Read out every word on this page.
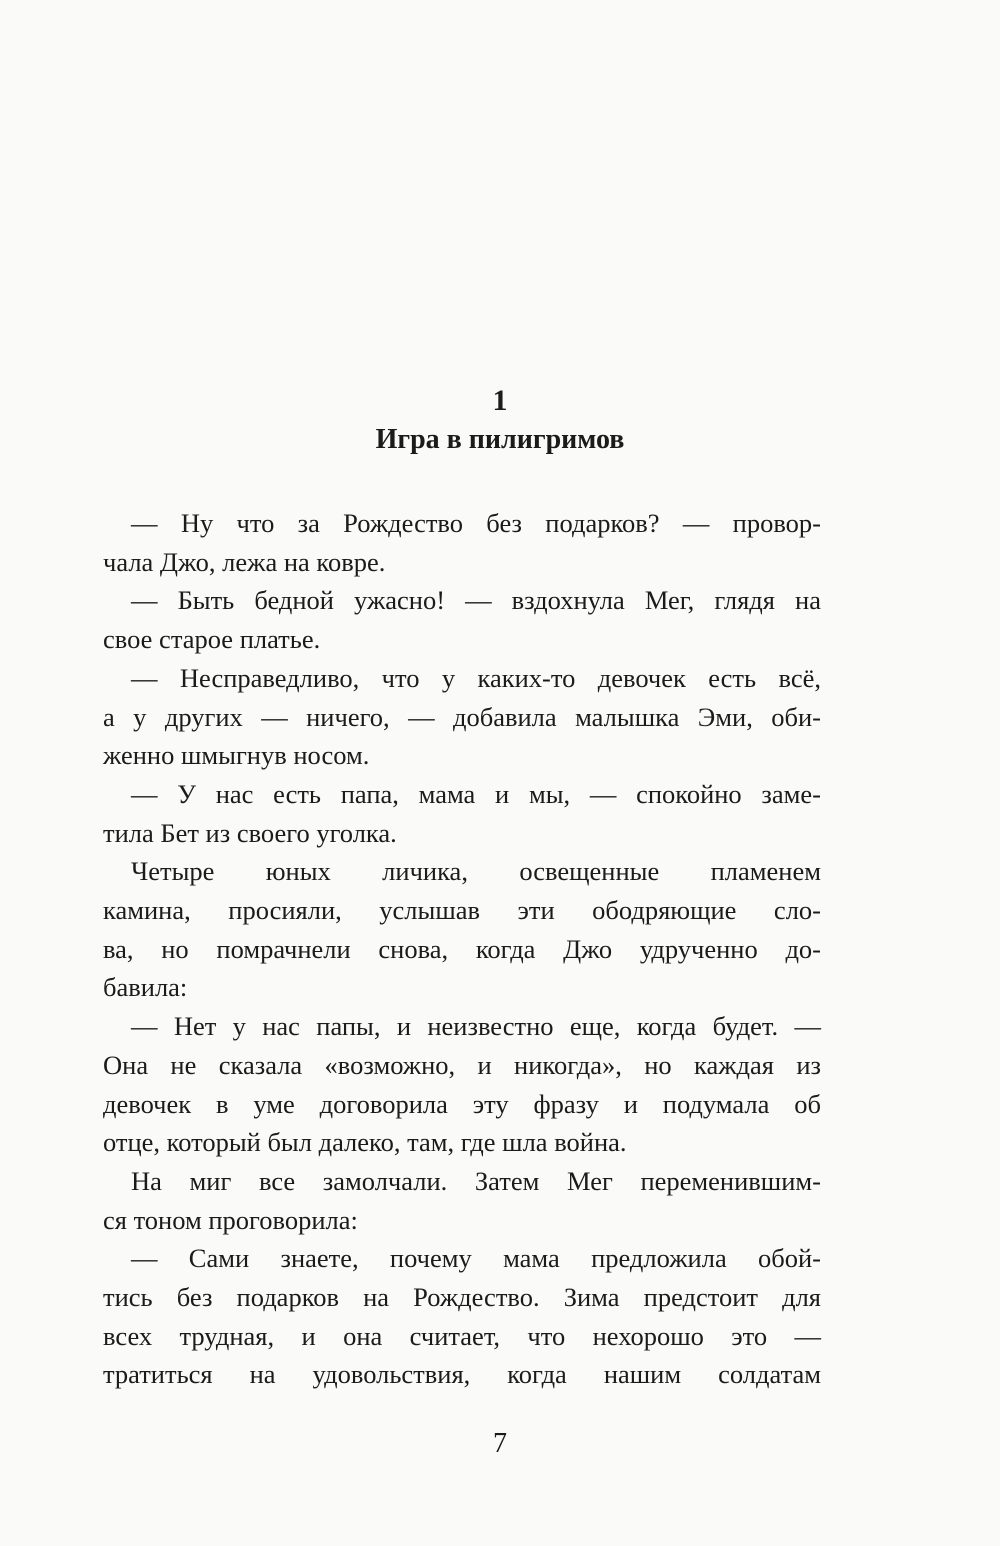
1
Игра в пилигримов
— Ну что за Рождество без подарков? — провор-
чала Джо, лежа на ковре.
— Быть бедной ужасно! — вздохнула Мег, глядя на
свое старое платье.
— Несправедливо, что у каких-то девочек есть всё,
а у других — ничего, — добавила малышка Эми, оби-
женно шмыгнув носом.
— У нас есть папа, мама и мы, — спокойно заме-
тила Бет из своего уголка.
Четыре юных личика, освещенные пламенем
камина, просияли, услышав эти ободряющие сло-
ва, но помрачнели снова, когда Джо удрученно до-
бавила:
— Нет у нас папы, и неизвестно еще, когда будет. —
Она не сказала «возможно, и никогда», но каждая из
девочек в уме договорила эту фразу и подумала об
отце, который был далеко, там, где шла война.
На миг все замолчали. Затем Мег переменившим-
ся тоном проговорила:
— Сами знаете, почему мама предложила обой-
тись без подарков на Рождество. Зима предстоит для
всех трудная, и она считает, что нехорошо это —
тратиться на удовольствия, когда нашим солдатам
7
